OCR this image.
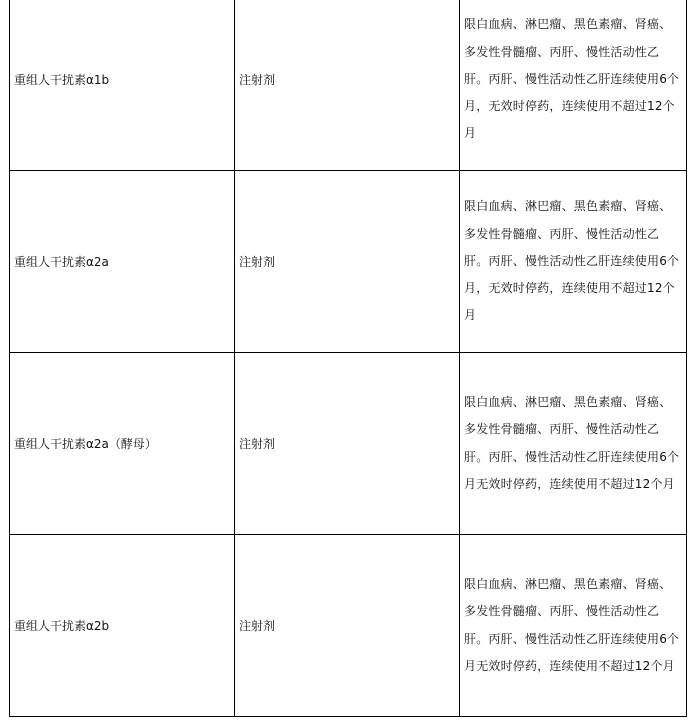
重组人干扰素α1b	注射剂	限白血病、淋巴瘤、黑色素瘤、肾癌、多发性骨髓瘤、丙肝、慢性活动性乙肝。丙肝、慢性活动性乙肝连续使用6个月，无效时停药，连续使用不超过12个月
重组人干扰素α2a	注射剂	限白血病、淋巴瘤、黑色素瘤、肾癌、多发性骨髓瘤、丙肝、慢性活动性乙肝。丙肝、慢性活动性乙肝连续使用6个月，无效时停药，连续使用不超过12个月
重组人干扰素α2a（酵母）	注射剂	限白血病、淋巴瘤、黑色素瘤、肾癌、多发性骨髓瘤、丙肝、慢性活动性乙肝。丙肝、慢性活动性乙肝连续使用6个月无效时停药，连续使用不超过12个月
重组人干扰素α2b	注射剂	限白血病、淋巴瘤、黑色素瘤、肾癌、多发性骨髓瘤、丙肝、慢性活动性乙肝。丙肝、慢性活动性乙肝连续使用6个月无效时停药，连续使用不超过12个月
